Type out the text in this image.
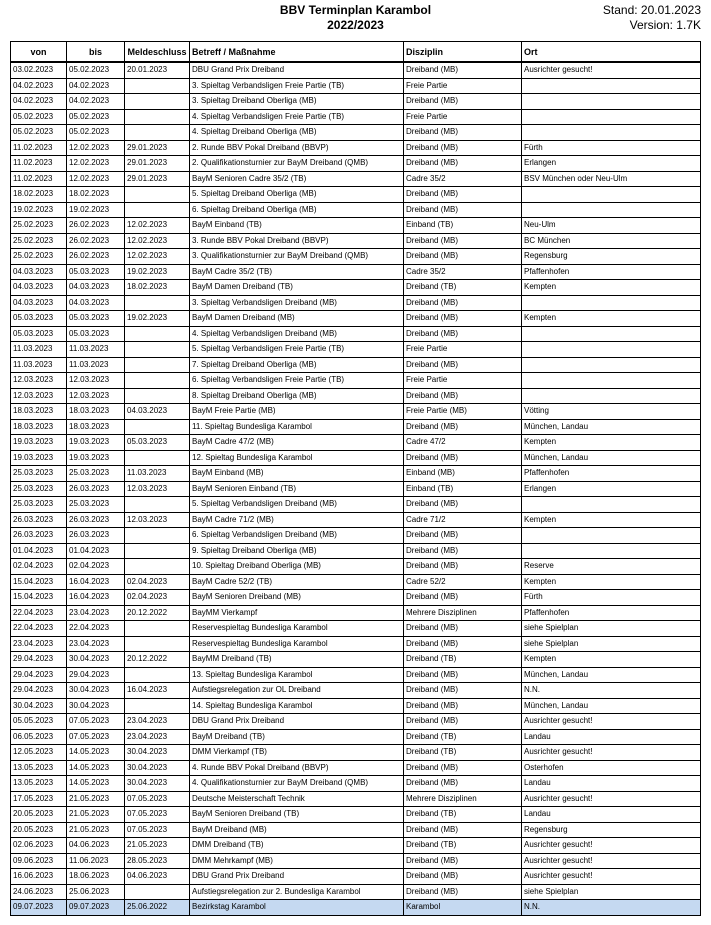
BBV Terminplan Karambol
2022/2023
Stand: 20.01.2023
Version: 1.7K
von	bis	Meldeschluss	Betreff / Maßnahme	Disziplin	Ort
03.02.2023	05.02.2023	20.01.2023	DBU Grand Prix Dreiband	Dreiband (MB)	Ausrichter gesucht!
04.02.2023	04.02.2023		3. Spieltag Verbandsligen Freie Partie (TB)	Freie Partie	
04.02.2023	04.02.2023		3. Spieltag Dreiband Oberliga (MB)	Dreiband (MB)	
05.02.2023	05.02.2023		4. Spieltag Verbandsligen Freie Partie (TB)	Freie Partie	
05.02.2023	05.02.2023		4. Spieltag Dreiband Oberliga (MB)	Dreiband (MB)	
11.02.2023	12.02.2023	29.01.2023	2. Runde BBV Pokal Dreiband (BBVP)	Dreiband (MB)	Fürth
11.02.2023	12.02.2023	29.01.2023	2. Qualifikationsturnier zur BayM Dreiband (QMB)	Dreiband (MB)	Erlangen
11.02.2023	12.02.2023	29.01.2023	BayM Senioren Cadre 35/2 (TB)	Cadre 35/2	BSV München oder Neu-Ulm
18.02.2023	18.02.2023		5. Spieltag Dreiband Oberliga (MB)	Dreiband (MB)	
19.02.2023	19.02.2023		6. Spieltag Dreiband Oberliga (MB)	Dreiband (MB)	
25.02.2023	26.02.2023	12.02.2023	BayM Einband (TB)	Einband (TB)	Neu-Ulm
25.02.2023	26.02.2023	12.02.2023	3. Runde BBV Pokal Dreiband (BBVP)	Dreiband (MB)	BC München
25.02.2023	26.02.2023	12.02.2023	3. Qualifikationsturnier zur BayM Dreiband (QMB)	Dreiband (MB)	Regensburg
04.03.2023	05.03.2023	19.02.2023	BayM Cadre 35/2 (TB)	Cadre 35/2	Pfaffenhofen
04.03.2023	04.03.2023	18.02.2023	BayM Damen Dreiband (TB)	Dreiband (TB)	Kempten
04.03.2023	04.03.2023		3. Spieltag Verbandsligen Dreiband (MB)	Dreiband (MB)	
05.03.2023	05.03.2023	19.02.2023	BayM Damen Dreiband (MB)	Dreiband (MB)	Kempten
05.03.2023	05.03.2023		4. Spieltag Verbandsligen Dreiband (MB)	Dreiband (MB)	
11.03.2023	11.03.2023		5. Spieltag Verbandsligen Freie Partie (TB)	Freie Partie	
11.03.2023	11.03.2023		7. Spieltag Dreiband Oberliga (MB)	Dreiband (MB)	
12.03.2023	12.03.2023		6. Spieltag Verbandsligen Freie Partie (TB)	Freie Partie	
12.03.2023	12.03.2023		8. Spieltag Dreiband Oberliga (MB)	Dreiband (MB)	
18.03.2023	18.03.2023	04.03.2023	BayM Freie Partie (MB)	Freie Partie (MB)	Vötting
18.03.2023	18.03.2023		11. Spieltag Bundesliga Karambol	Dreiband (MB)	München, Landau
19.03.2023	19.03.2023	05.03.2023	BayM Cadre 47/2 (MB)	Cadre 47/2	Kempten
19.03.2023	19.03.2023		12. Spieltag Bundesliga Karambol	Dreiband (MB)	München, Landau
25.03.2023	25.03.2023	11.03.2023	BayM Einband (MB)	Einband (MB)	Pfaffenhofen
25.03.2023	26.03.2023	12.03.2023	BayM Senioren Einband (TB)	Einband (TB)	Erlangen
25.03.2023	25.03.2023		5. Spieltag Verbandsligen Dreiband (MB)	Dreiband (MB)	
26.03.2023	26.03.2023	12.03.2023	BayM Cadre 71/2 (MB)	Cadre 71/2	Kempten
26.03.2023	26.03.2023		6. Spieltag Verbandsligen Dreiband (MB)	Dreiband (MB)	
01.04.2023	01.04.2023		9. Spieltag Dreiband Oberliga (MB)	Dreiband (MB)	
02.04.2023	02.04.2023		10. Spieltag Dreiband Oberliga (MB)	Dreiband (MB)	Reserve
15.04.2023	16.04.2023	02.04.2023	BayM Cadre 52/2 (TB)	Cadre 52/2	Kempten
15.04.2023	16.04.2023	02.04.2023	BayM Senioren Dreiband (MB)	Dreiband (MB)	Fürth
22.04.2023	23.04.2023	20.12.2022	BayMM Vierkampf	Mehrere Disziplinen	Pfaffenhofen
22.04.2023	22.04.2023		Reservespieltag Bundesliga Karambol	Dreiband (MB)	siehe Spielplan
23.04.2023	23.04.2023		Reservespieltag Bundesliga Karambol	Dreiband (MB)	siehe Spielplan
29.04.2023	30.04.2023	20.12.2022	BayMM Dreiband (TB)	Dreiband (TB)	Kempten
29.04.2023	29.04.2023		13. Spieltag Bundesliga Karambol	Dreiband (MB)	München, Landau
29.04.2023	30.04.2023	16.04.2023	Aufstiegsrelegation zur OL Dreiband	Dreiband (MB)	N.N.
30.04.2023	30.04.2023		14. Spieltag Bundesliga Karambol	Dreiband (MB)	München, Landau
05.05.2023	07.05.2023	23.04.2023	DBU Grand Prix Dreiband	Dreiband (MB)	Ausrichter gesucht!
06.05.2023	07.05.2023	23.04.2023	BayM Dreiband (TB)	Dreiband (TB)	Landau
12.05.2023	14.05.2023	30.04.2023	DMM Vierkampf (TB)	Dreiband (TB)	Ausrichter gesucht!
13.05.2023	14.05.2023	30.04.2023	4. Runde BBV Pokal Dreiband (BBVP)	Dreiband (MB)	Osterhofen
13.05.2023	14.05.2023	30.04.2023	4. Qualifikationsturnier zur BayM Dreiband (QMB)	Dreiband (MB)	Landau
17.05.2023	21.05.2023	07.05.2023	Deutsche Meisterschaft Technik	Mehrere Disziplinen	Ausrichter gesucht!
20.05.2023	21.05.2023	07.05.2023	BayM Senioren Dreiband (TB)	Dreiband (TB)	Landau
20.05.2023	21.05.2023	07.05.2023	BayM Dreiband (MB)	Dreiband (MB)	Regensburg
02.06.2023	04.06.2023	21.05.2023	DMM Dreiband (TB)	Dreiband (TB)	Ausrichter gesucht!
09.06.2023	11.06.2023	28.05.2023	DMM Mehrkampf (MB)	Dreiband (MB)	Ausrichter gesucht!
16.06.2023	18.06.2023	04.06.2023	DBU Grand Prix Dreiband	Dreiband (MB)	Ausrichter gesucht!
24.06.2023	25.06.2023		Aufstiegsrelegation zur 2. Bundesliga Karambol	Dreiband (MB)	siehe Spielplan
09.07.2023	09.07.2023	25.06.2022	Bezirkstag Karambol	Karambol	N.N.
